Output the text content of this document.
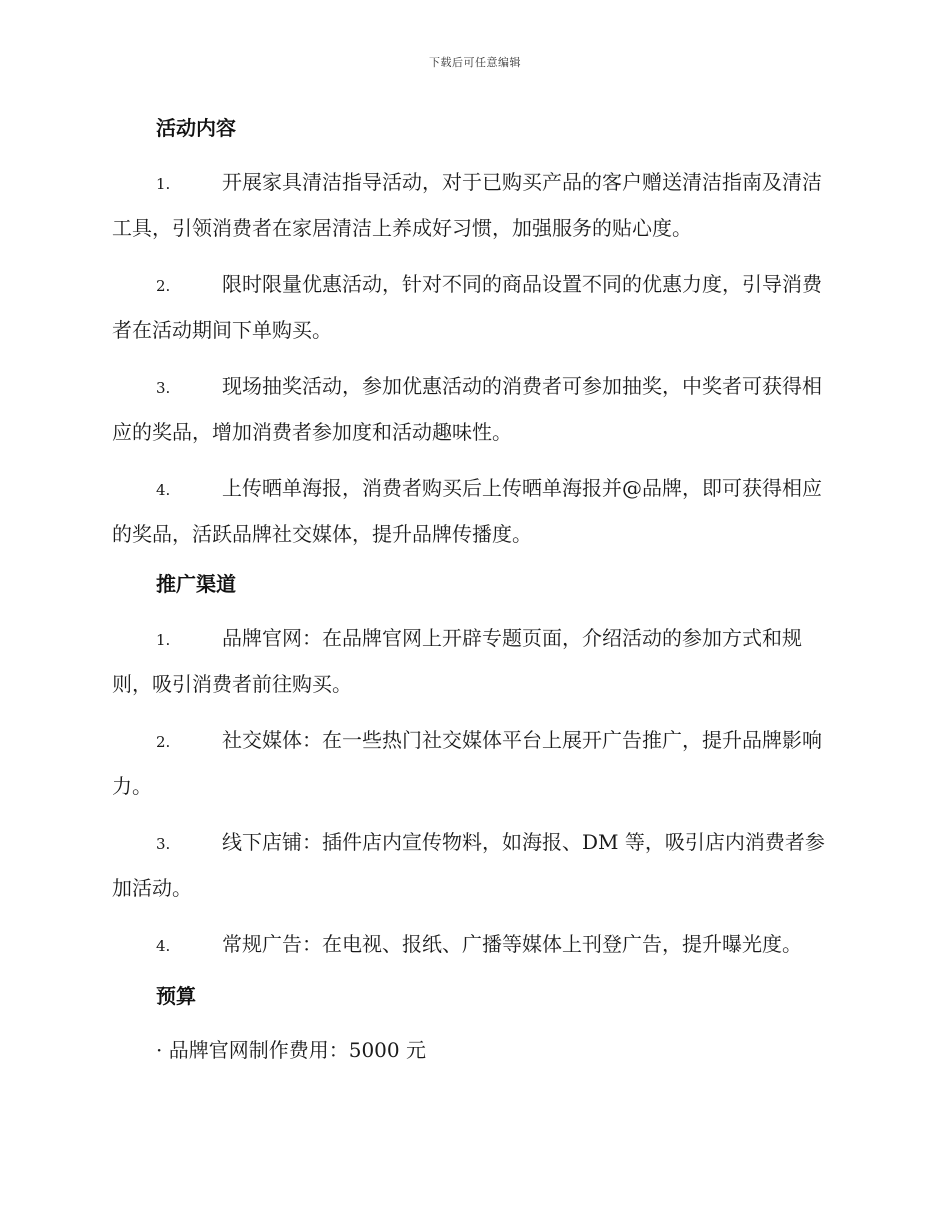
下载后可任意编辑
活动内容

1.	开展家具清洁指导活动，对于已购买产品的客户赠送清洁指南及清洁工具，引领消费者在家居清洁上养成好习惯，加强服务的贴心度。

2.	限时限量优惠活动，针对不同的商品设置不同的优惠力度，引导消费者在活动期间下单购买。

3.	现场抽奖活动，参加优惠活动的消费者可参加抽奖，中奖者可获得相应的奖品，增加消费者参加度和活动趣味性。

4.	上传晒单海报，消费者购买后上传晒单海报并@品牌，即可获得相应的奖品，活跃品牌社交媒体，提升品牌传播度。

推广渠道

1.	品牌官网：在品牌官网上开辟专题页面，介绍活动的参加方式和规则，吸引消费者前往购买。

2.	社交媒体：在一些热门社交媒体平台上展开广告推广，提升品牌影响力。

3.	线下店铺：插件店内宣传物料，如海报、DM 等，吸引店内消费者参加活动。

4.	常规广告：在电视、报纸、广播等媒体上刊登广告，提升曝光度。

预算

· 品牌官网制作费用：5000 元
